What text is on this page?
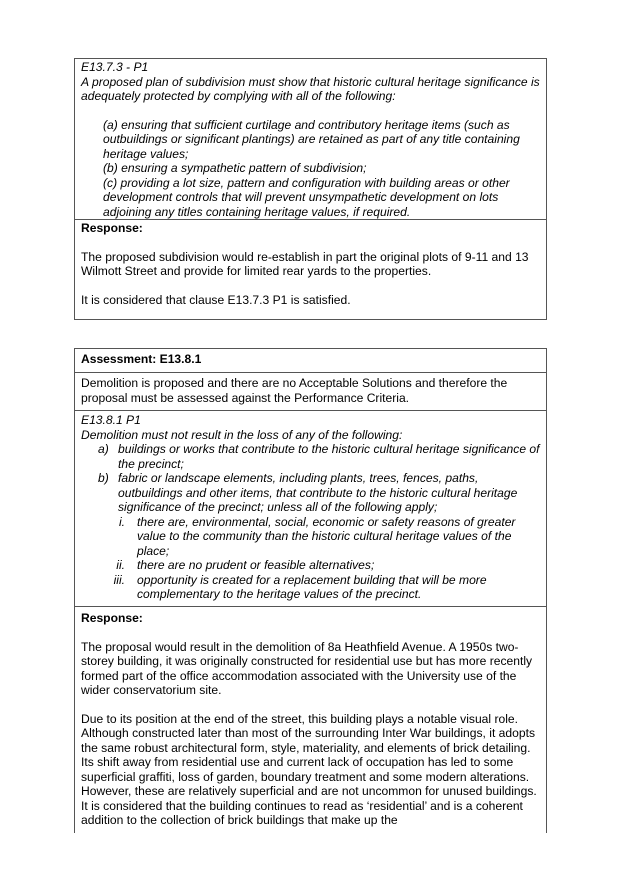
E13.7.3 - P1

A proposed plan of subdivision must show that historic cultural heritage significance is adequately protected by complying with all of the following:

(a) ensuring that sufficient curtilage and contributory heritage items (such as outbuildings or significant plantings) are retained as part of any title containing heritage values;

(b) ensuring a sympathetic pattern of subdivision;

(c) providing a lot size, pattern and configuration with building areas or other development controls that will prevent unsympathetic development on lots adjoining any titles containing heritage values, if required.

Response:

The proposed subdivision would re-establish in part the original plots of 9-11 and 13 Wilmott Street and provide for limited rear yards to the properties.

It is considered that clause E13.7.3 P1 is satisfied.

Assessment: E13.8.1

Demolition is proposed and there are no Acceptable Solutions and therefore the proposal must be assessed against the Performance Criteria.

E13.8.1 P1

Demolition must not result in the loss of any of the following:

a) buildings or works that contribute to the historic cultural heritage significance of the precinct;

b) fabric or landscape elements, including plants, trees, fences, paths, outbuildings and other items, that contribute to the historic cultural heritage significance of the precinct; unless all of the following apply;

i. there are, environmental, social, economic or safety reasons of greater value to the community than the historic cultural heritage values of the place;

ii. there are no prudent or feasible alternatives;

iii. opportunity is created for a replacement building that will be more complementary to the heritage values of the precinct.

Response:

The proposal would result in the demolition of 8a Heathfield Avenue. A 1950s two-storey building, it was originally constructed for residential use but has more recently formed part of the office accommodation associated with the University use of the wider conservatorium site.

Due to its position at the end of the street, this building plays a notable visual role. Although constructed later than most of the surrounding Inter War buildings, it adopts the same robust architectural form, style, materiality, and elements of brick detailing. Its shift away from residential use and current lack of occupation has led to some superficial graffiti, loss of garden, boundary treatment and some modern alterations. However, these are relatively superficial and are not uncommon for unused buildings. It is considered that the building continues to read as ‘residential’ and is a coherent addition to the collection of brick buildings that make up the
